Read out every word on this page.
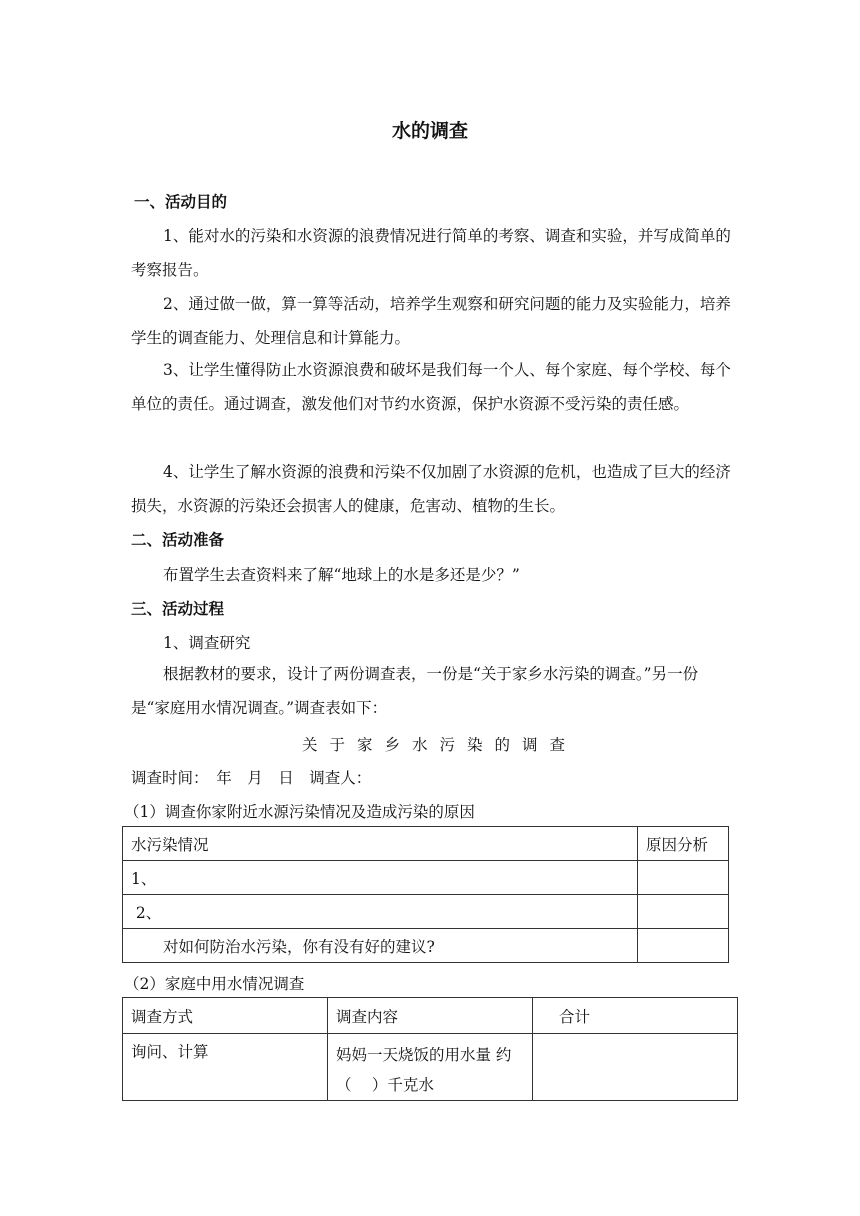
水的调查
一、活动目的
1、能对水的污染和水资源的浪费情况进行简单的考察、调查和实验，并写成简单的考察报告。
2、通过做一做，算一算等活动，培养学生观察和研究问题的能力及实验能力，培养学生的调查能力、处理信息和计算能力。
3、让学生懂得防止水资源浪费和破坏是我们每一个人、每个家庭、每个学校、每个单位的责任。通过调查，激发他们对节约水资源，保护水资源不受污染的责任感。
4、让学生了解水资源的浪费和污染不仅加剧了水资源的危机，也造成了巨大的经济损失，水资源的污染还会损害人的健康，危害动、植物的生长。
二、活动准备
布置学生去查资料来了解“地球上的水是多还是少？”
三、活动过程
1、调查研究
根据教材的要求，设计了两份调查表，一份是“关于家乡水污染的调查。”另一份是“家庭用水情况调查。”调查表如下：
关于家乡水污染的调查
调查时间：　年　月　日　调查人：
（1）调查你家附近水源污染情况及造成污染的原因
水污染情况	原因分析
1、	
2、	
对如何防治水污染，你有没有好的建议?	
（2）家庭中用水情况调查
调查方式	调查内容	合计
询问、计算	妈妈一天烧饭的用水量 约（　 ）千克水	
